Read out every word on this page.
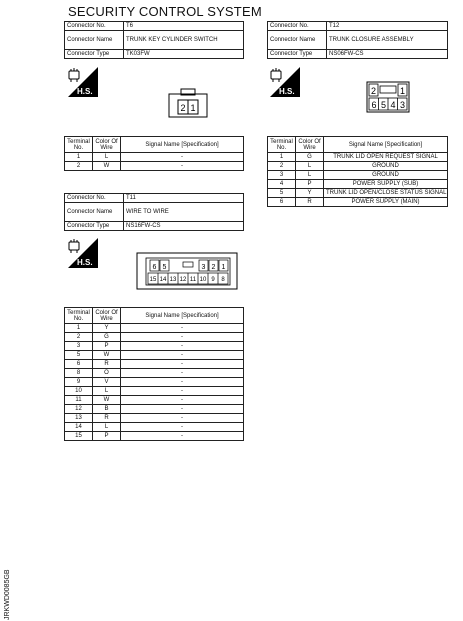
SECURITY CONTROL SYSTEM
Connector No.	T6
Connector Name	TRUNK KEY CYLINDER SWITCH
Connector Type	TK03FW
Connector No.	T12
Connector Name	TRUNK CLOSURE ASSEMBLY
Connector Type	NS06FW-CS
H.S.	H.S.
2 1
2	1
6 5 4 3
Terminal
No.	Color Of
Wire	Signal Name [Specification]
1	L	-
2	W	-
Terminal
No.	Color Of
Wire	Signal Name [Specification]
1	G	TRUNK LID OPEN REQUEST SIGNAL
2	L	GROUND
3	L	GROUND
4	P	POWER SUPPLY (SUB)
5	Y	TRUNK LID OPEN/CLOSE STATUS SIGNAL
6	R	POWER SUPPLY (MAIN)
Connector No.	T11
Connector Name	WIRE TO WIRE
Connector Type	NS16FW-CS
H.S.
6 5	3 2 1
15 14 13 12 11 10 9 8
Terminal
No.	Color Of
Wire	Signal Name [Specification]
1	Y	-
2	G	-
3	P	-
5	W	-
6	R	-
8	O	-
9	V	-
10	L	-
11	W	-
12	B	-
13	R	-
14	L	-
15	P	-
JRKWD0085GB
